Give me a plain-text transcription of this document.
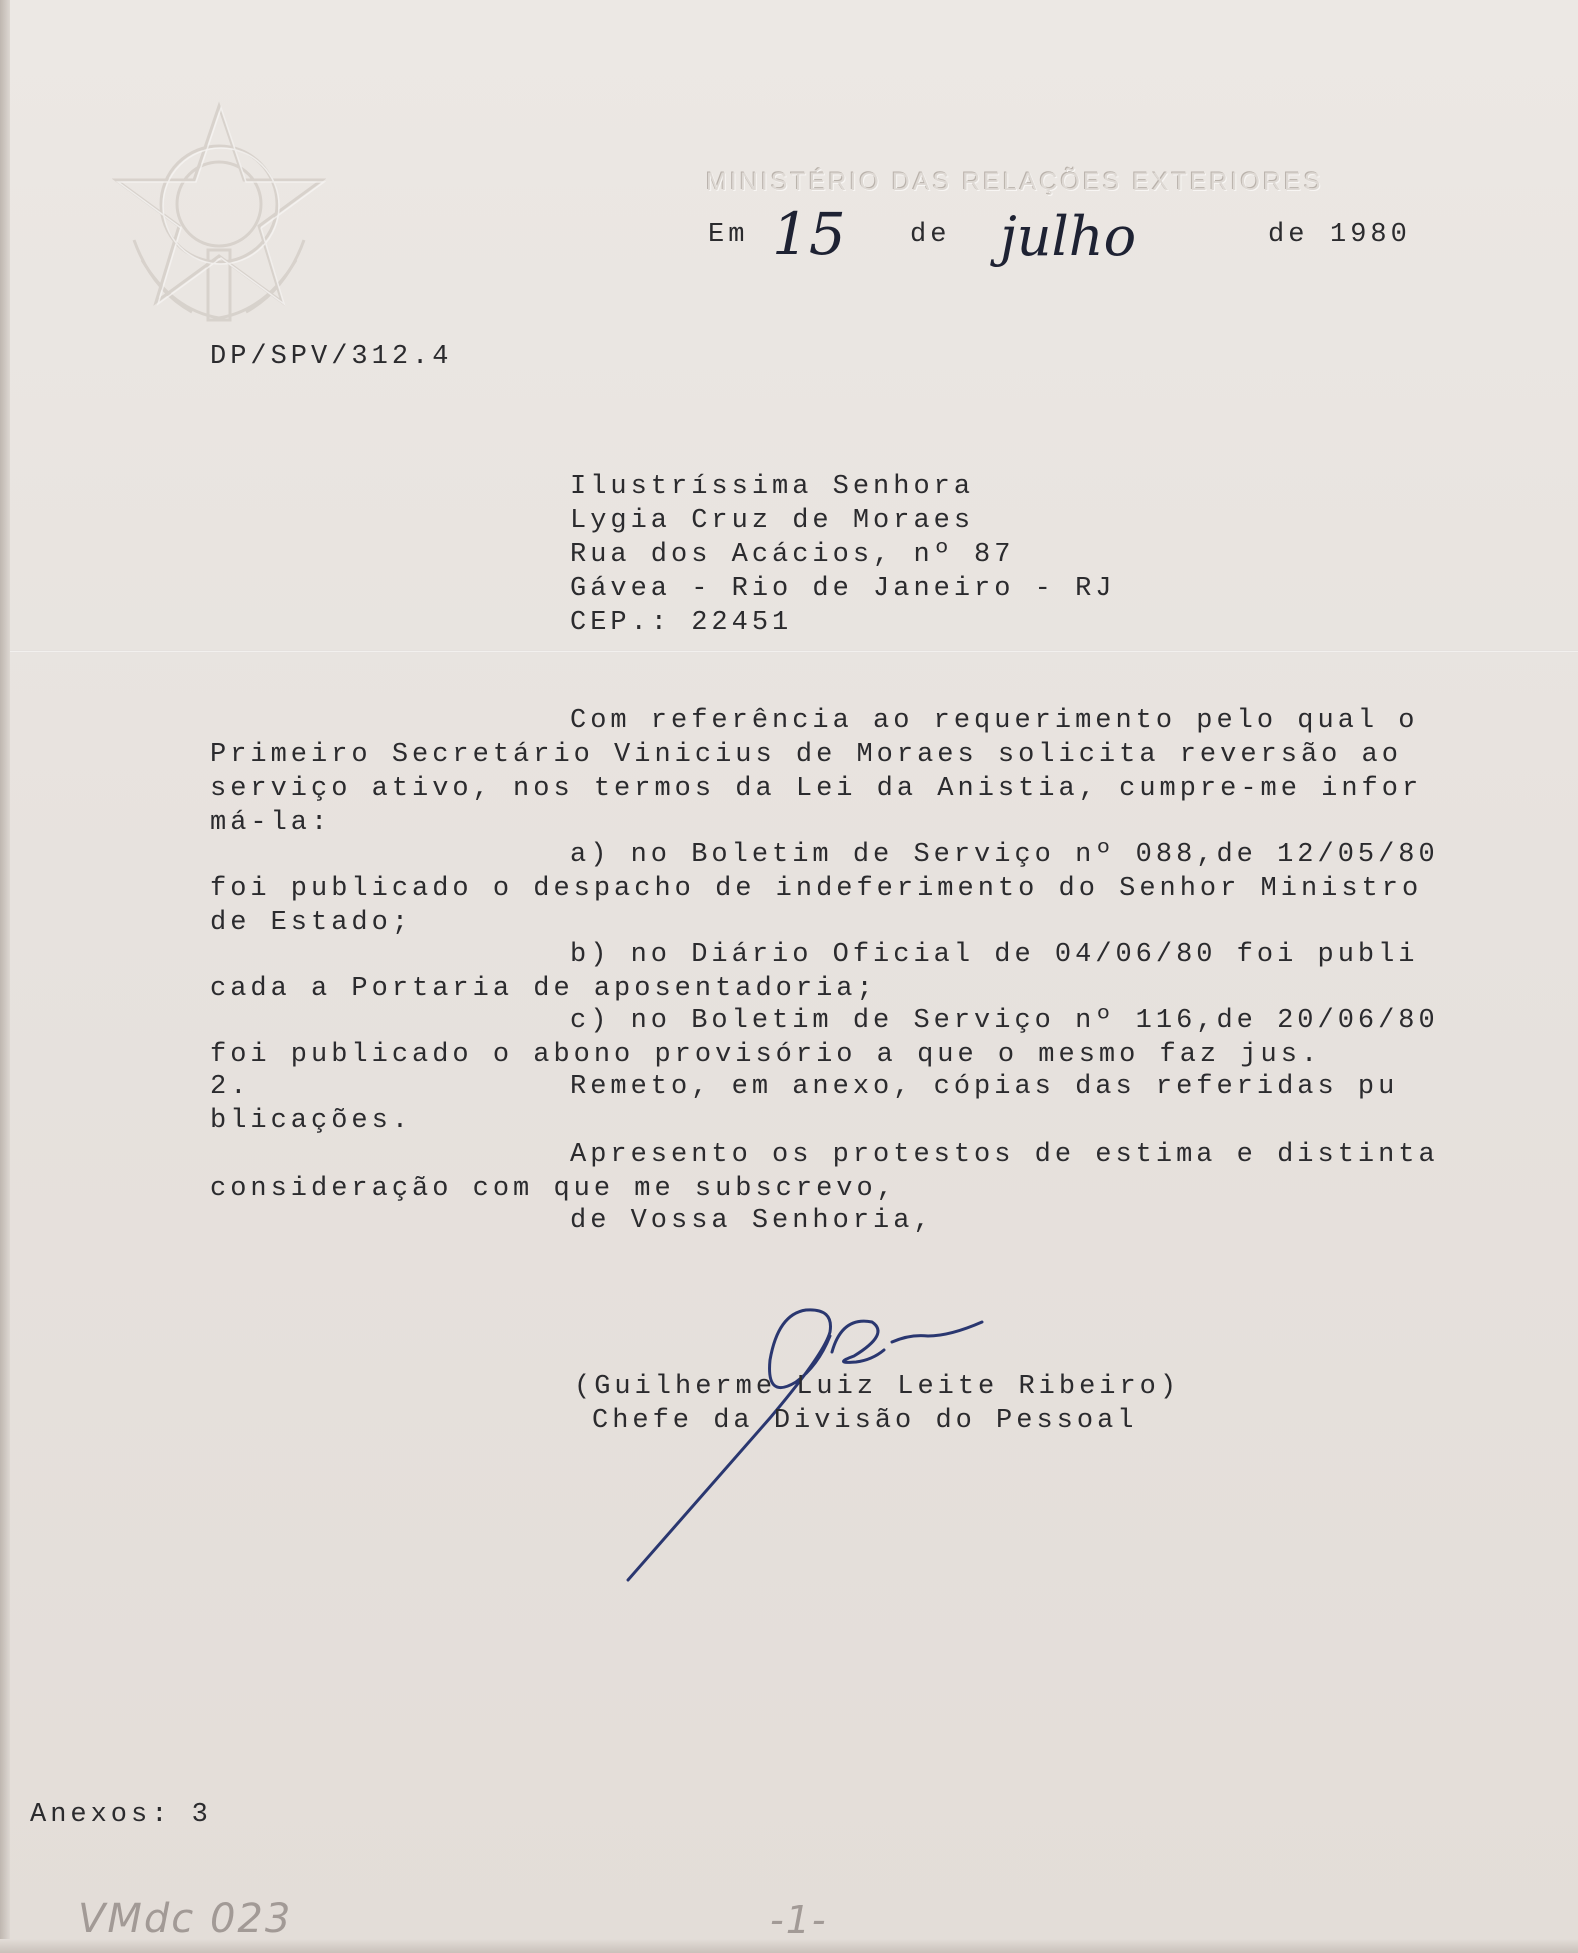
MINISTÉRIO DAS RELAÇÕES EXTERIORES
Em 15 de julho	de 1980
DP/SPV/312.4
Ilustríssima Senhora
Lygia Cruz de Moraes
Rua dos Acácios, nº 87
Gávea - Rio de Janeiro - RJ
CEP.: 22451
Com referência ao requerimento pelo qual o
Primeiro Secretário Vinicius de Moraes solicita reversão ao
serviço ativo, nos termos da Lei da Anistia, cumpre-me infor
má-la:
a) no Boletim de Serviço nº 088,de 12/05/80
foi publicado o despacho de indeferimento do Senhor Ministro
de Estado;
b) no Diário Oficial de 04/06/80 foi publi
cada a Portaria de aposentadoria;
c) no Boletim de Serviço nº 116,de 20/06/80
foi publicado o abono provisório a que o mesmo faz jus.
2.	Remeto, em anexo, cópias das referidas pu
blicações.
Apresento os protestos de estima e distinta
consideração com que me subscrevo,
de Vossa Senhoria,
(Guilherme Luiz Leite Ribeiro)
Chefe da Divisão do Pessoal
Anexos: 3
VMdc 023	-1-
